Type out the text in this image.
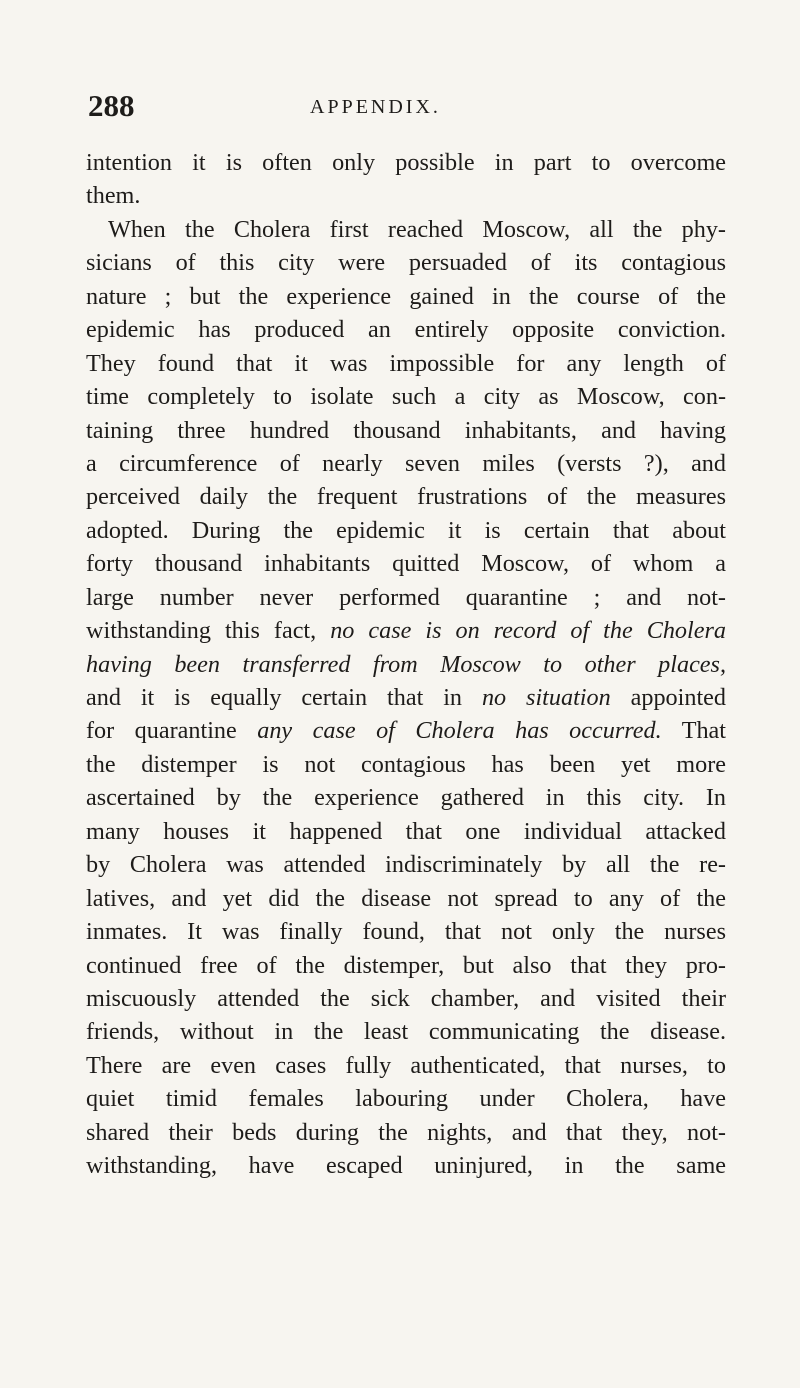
288	APPENDIX.
intention it is often only possible in part to overcome
them.
When the Cholera first reached Moscow, all the phy-
sicians of this city were persuaded of its contagious
nature ; but the experience gained in the course of the
epidemic has produced an entirely opposite conviction.
They found that it was impossible for any length of
time completely to isolate such a city as Moscow, con-
taining three hundred thousand inhabitants, and having
a circumference of nearly seven miles (versts ?), and
perceived daily the frequent frustrations of the measures
adopted. During the epidemic it is certain that about
forty thousand inhabitants quitted Moscow, of whom a
large number never performed quarantine ; and not-
withstanding this fact, no case is on record of the Cholera
having been transferred from Moscow to other places,
and it is equally certain that in no situation appointed
for quarantine any case of Cholera has occurred. That
the distemper is not contagious has been yet more
ascertained by the experience gathered in this city. In
many houses it happened that one individual attacked
by Cholera was attended indiscriminately by all the re-
latives, and yet did the disease not spread to any of the
inmates. It was finally found, that not only the nurses
continued free of the distemper, but also that they pro-
miscuously attended the sick chamber, and visited their
friends, without in the least communicating the disease.
There are even cases fully authenticated, that nurses, to
quiet timid females labouring under Cholera, have
shared their beds during the nights, and that they, not-
withstanding, have escaped uninjured, in the same
